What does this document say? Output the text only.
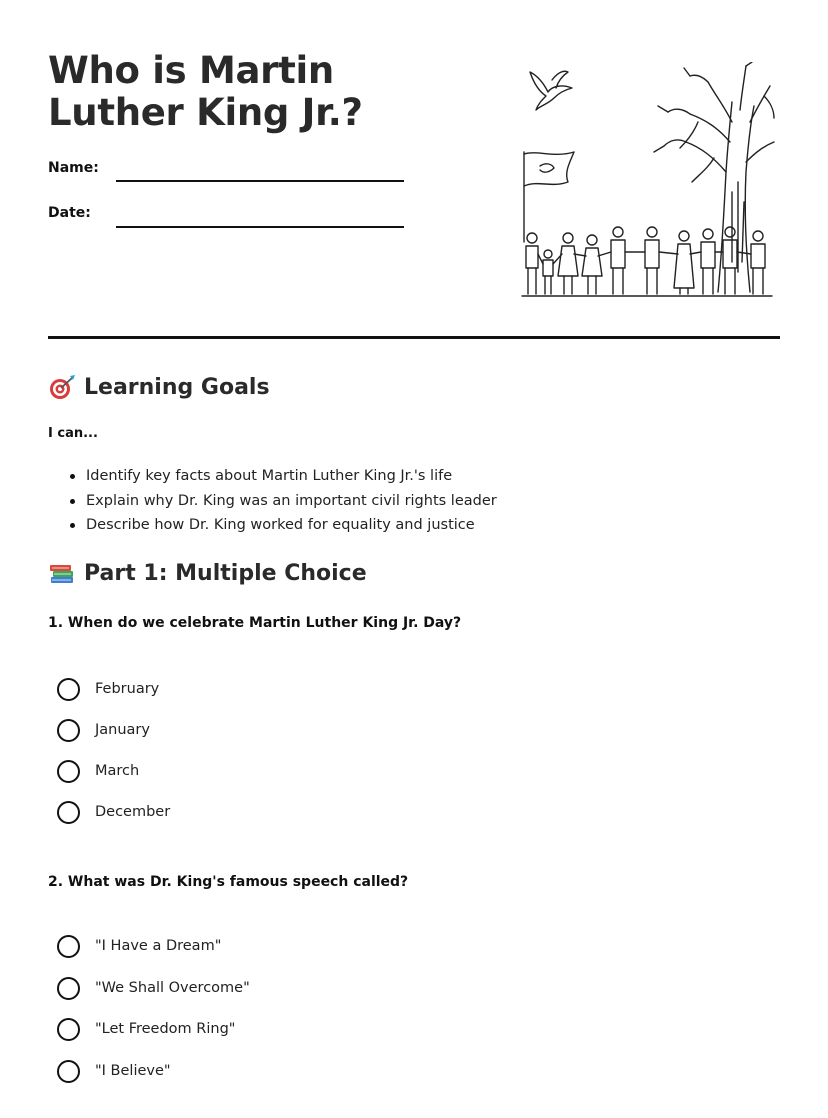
Who is Martin Luther King Jr.?
Name:
Date:
Learning Goals
I can...
Identify key facts about Martin Luther King Jr.'s life
Explain why Dr. King was an important civil rights leader
Describe how Dr. King worked for equality and justice
Part 1: Multiple Choice
1. When do we celebrate Martin Luther King Jr. Day?
February
January
March
December
2. What was Dr. King's famous speech called?
"I Have a Dream"
"We Shall Overcome"
"Let Freedom Ring"
"I Believe"
